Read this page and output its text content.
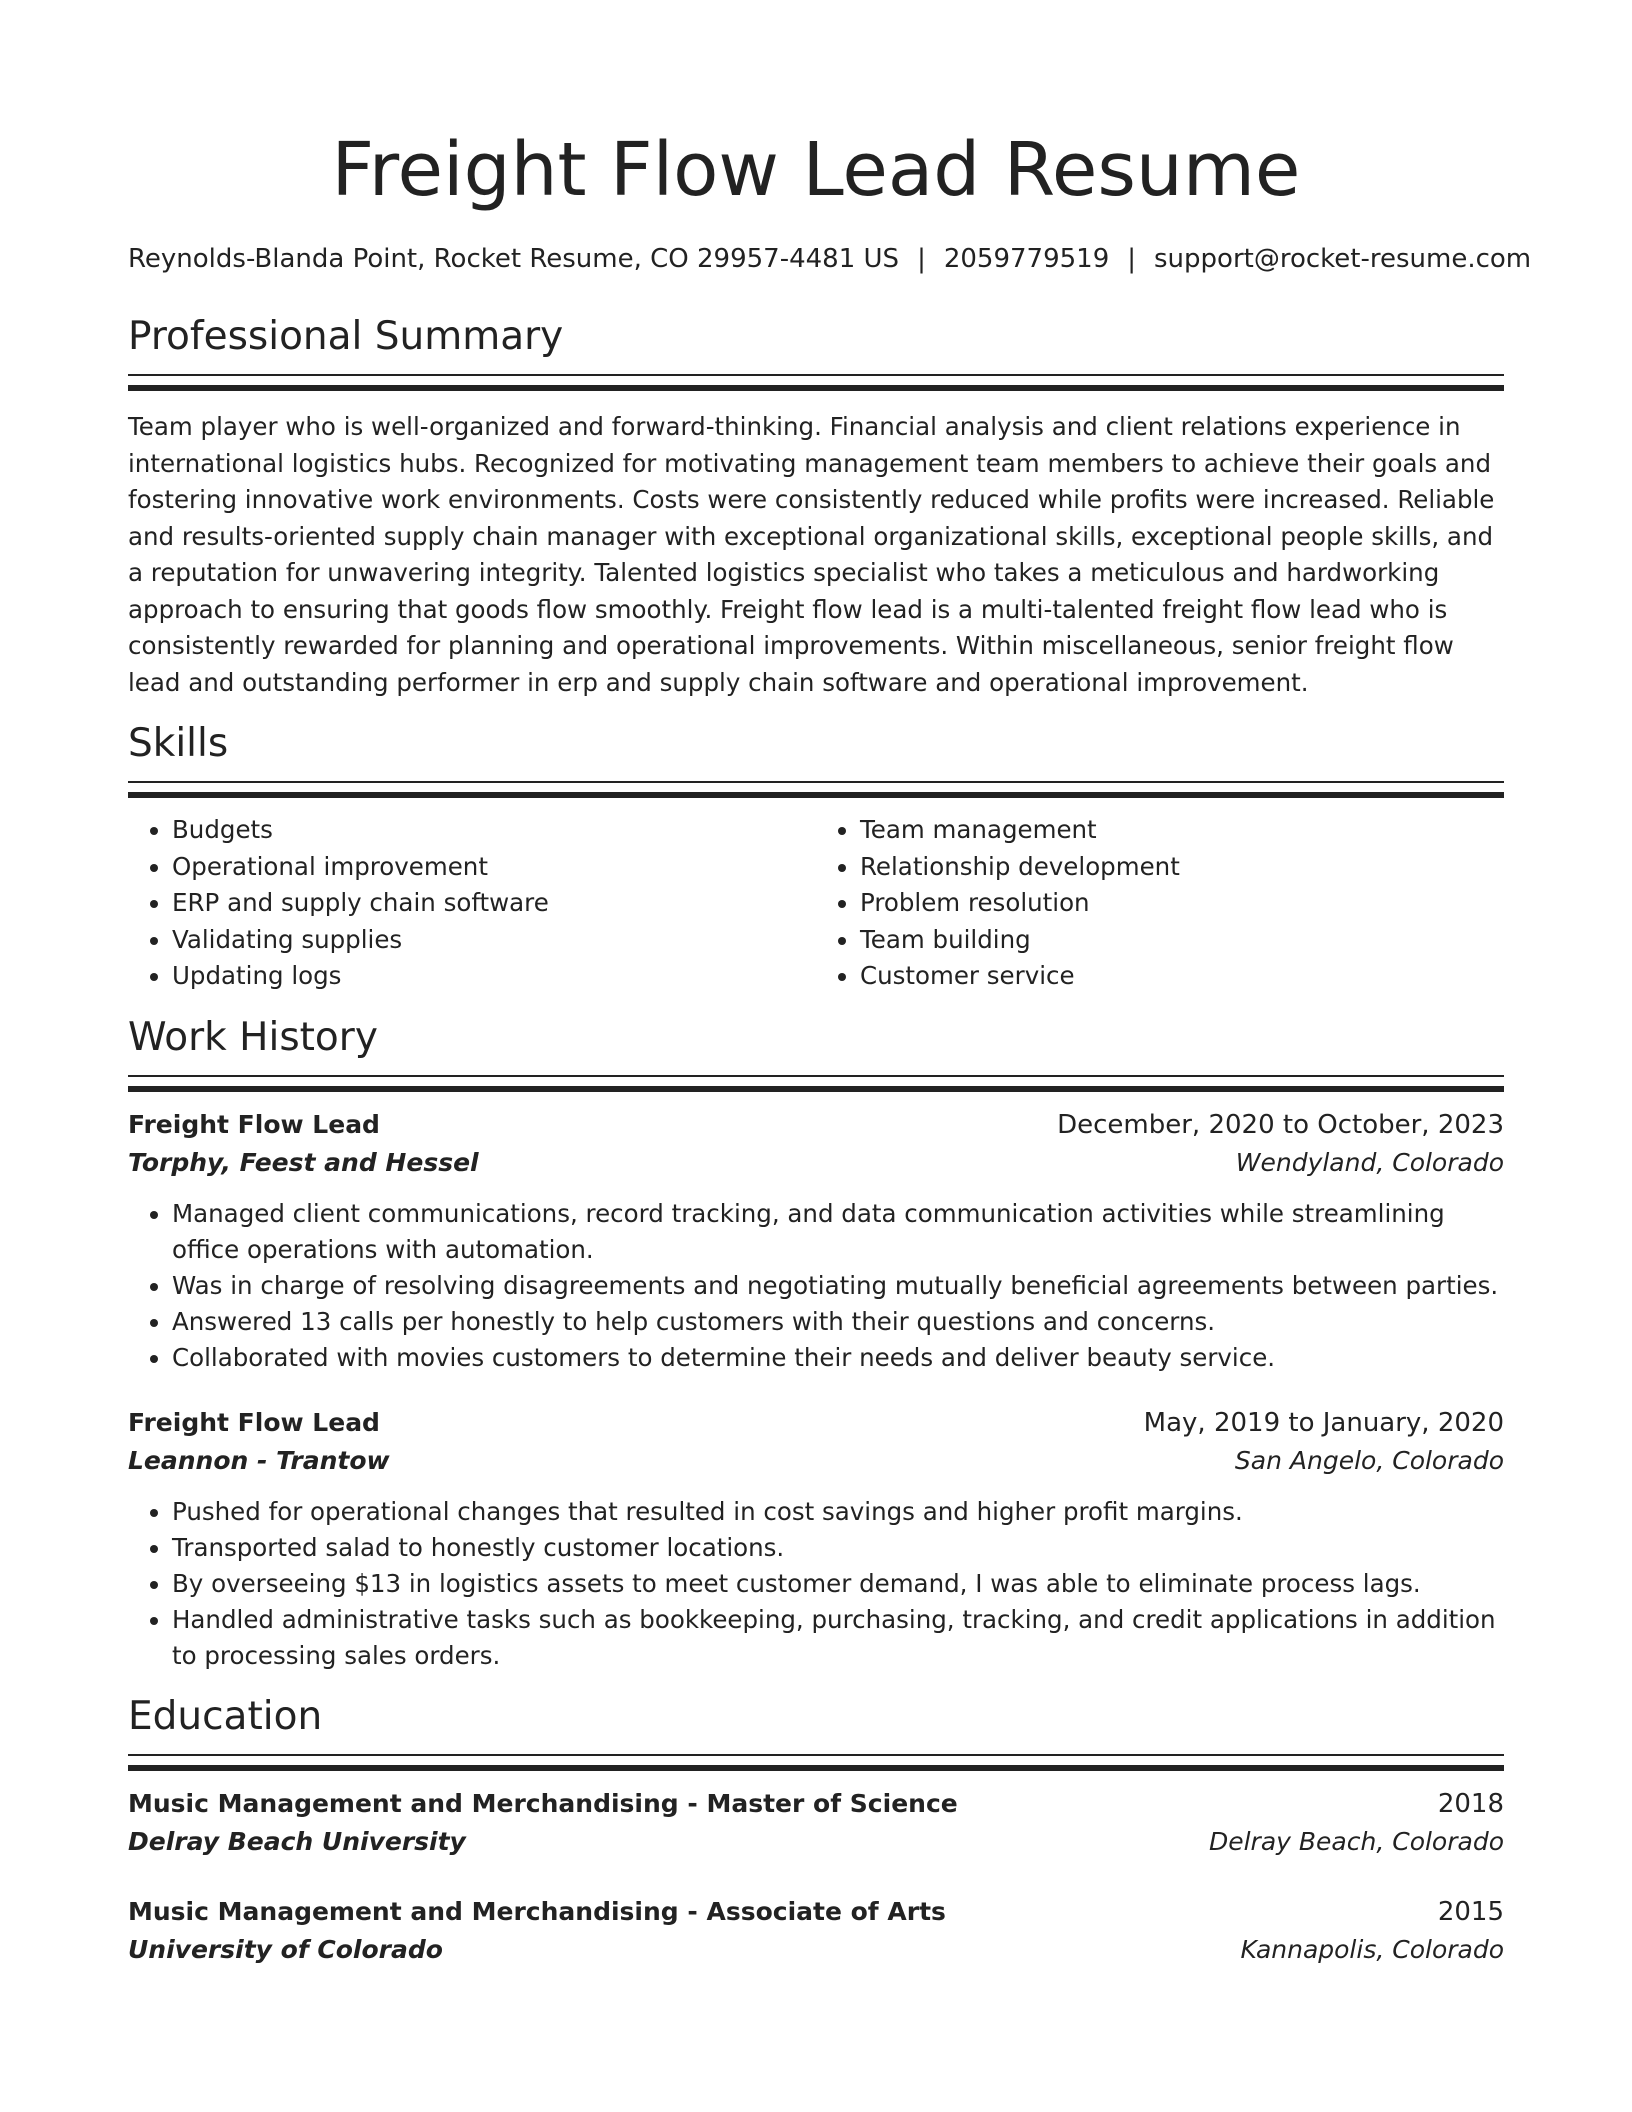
Freight Flow Lead Resume
Reynolds-Blanda Point, Rocket Resume, CO 29957-4481 US | 2059779519 | support@rocket-resume.com
Professional Summary

Team player who is well-organized and forward-thinking. Financial analysis and client relations experience in international logistics hubs. Recognized for motivating management team members to achieve their goals and fostering innovative work environments. Costs were consistently reduced while profits were increased. Reliable and results-oriented supply chain manager with exceptional organizational skills, exceptional people skills, and a reputation for unwavering integrity. Talented logistics specialist who takes a meticulous and hardworking approach to ensuring that goods flow smoothly. Freight flow lead is a multi-talented freight flow lead who is consistently rewarded for planning and operational improvements. Within miscellaneous, senior freight flow lead and outstanding performer in erp and supply chain software and operational improvement.

Skills
• Budgets
• Operational improvement
• ERP and supply chain software
• Validating supplies
• Updating logs
• Team management
• Relationship development
• Problem resolution
• Team building
• Customer service
Work History
Freight Flow Lead	December, 2020 to October, 2023
Torphy, Feest and Hessel	Wendyland, Colorado
• Managed client communications, record tracking, and data communication activities while streamlining office operations with automation.
• Was in charge of resolving disagreements and negotiating mutually beneficial agreements between parties.
• Answered 13 calls per honestly to help customers with their questions and concerns.
• Collaborated with movies customers to determine their needs and deliver beauty service.
Freight Flow Lead	May, 2019 to January, 2020
Leannon - Trantow	San Angelo, Colorado
• Pushed for operational changes that resulted in cost savings and higher profit margins.
• Transported salad to honestly customer locations.
• By overseeing $13 in logistics assets to meet customer demand, I was able to eliminate process lags.
• Handled administrative tasks such as bookkeeping, purchasing, tracking, and credit applications in addition to processing sales orders.
Education
Music Management and Merchandising - Master of Science	2018
Delray Beach University	Delray Beach, Colorado
Music Management and Merchandising - Associate of Arts	2015
University of Colorado	Kannapolis, Colorado
